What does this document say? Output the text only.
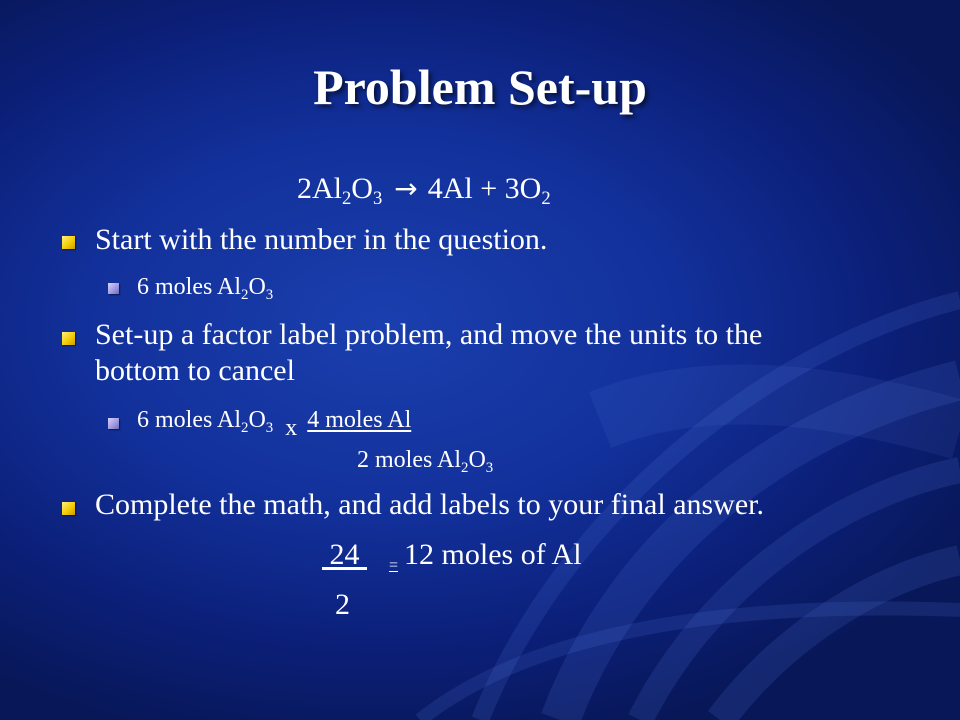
Problem Set-up
$2Al_2O_3 \to 4Al + 3O_2$
Start with the number in the question.
6 moles $Al_2O_3$
Set-up a factor label problem, and move the units to the
bottom to cancel
6 moles $Al_2O_3$ x 4 moles Al
2 moles $Al_2O_3$
Complete the math, and add labels to your final answer.
24 = 12 moles of Al
2
